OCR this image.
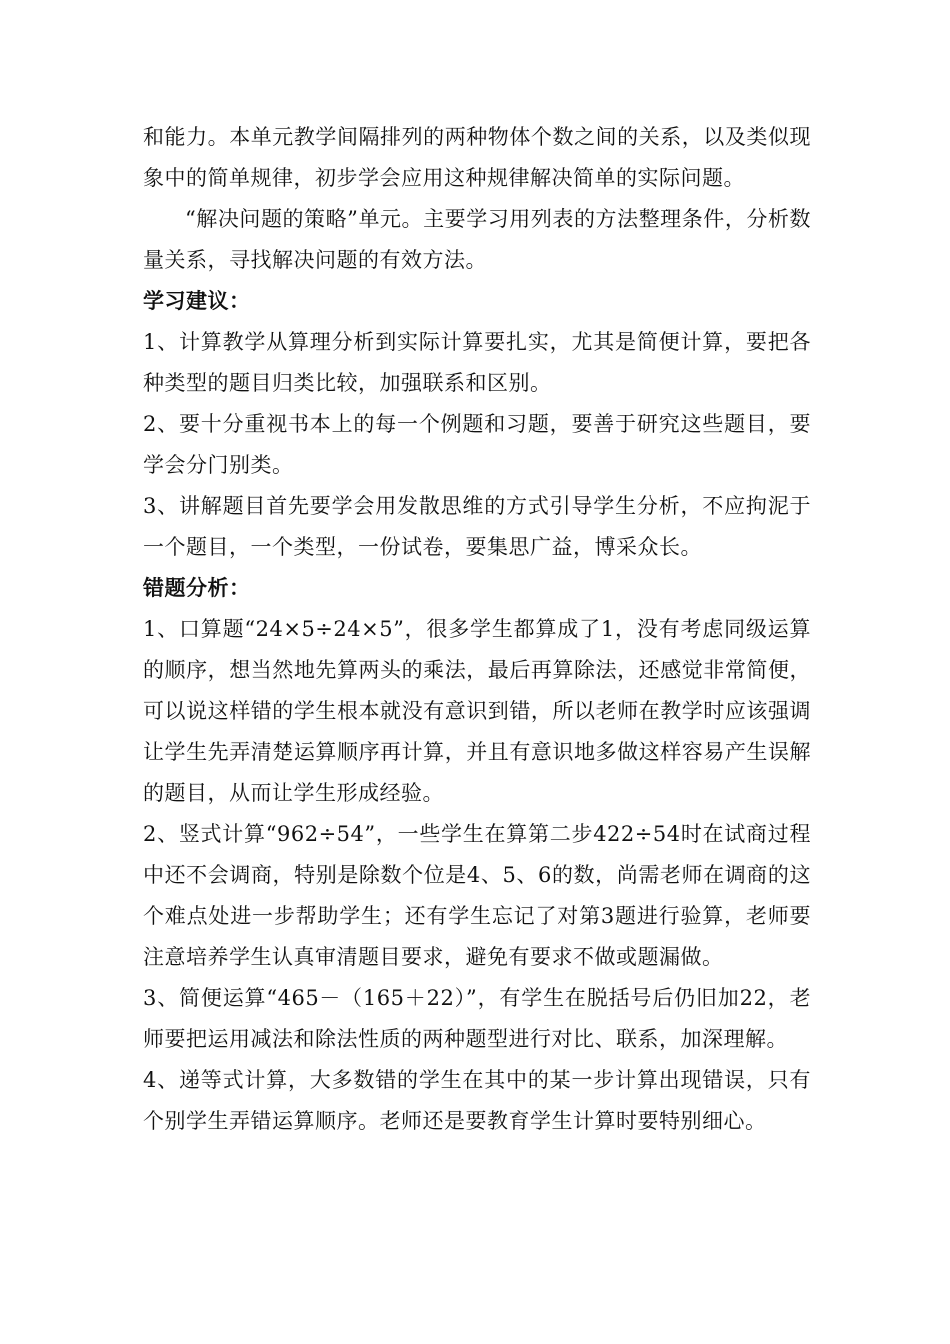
和能力。本单元教学间隔排列的两种物体个数之间的关系，以及类似现象中的简单规律，初步学会应用这种规律解决简单的实际问题。

“解决问题的策略”单元。主要学习用列表的方法整理条件，分析数量关系，寻找解决问题的有效方法。

学习建议：

1、计算教学从算理分析到实际计算要扎实，尤其是简便计算，要把各种类型的题目归类比较，加强联系和区别。

2、要十分重视书本上的每一个例题和习题，要善于研究这些题目，要学会分门别类。

3、讲解题目首先要学会用发散思维的方式引导学生分析，不应拘泥于一个题目，一个类型，一份试卷，要集思广益，博采众长。

错题分析：

1、口算题“24×5÷24×5”，很多学生都算成了1，没有考虑同级运算的顺序，想当然地先算两头的乘法，最后再算除法，还感觉非常简便，可以说这样错的学生根本就没有意识到错，所以老师在教学时应该强调让学生先弄清楚运算顺序再计算，并且有意识地多做这样容易产生误解的题目，从而让学生形成经验。

2、竖式计算“962÷54”，一些学生在算第二步422÷54时在试商过程中还不会调商，特别是除数个位是4、5、6的数，尚需老师在调商的这个难点处进一步帮助学生；还有学生忘记了对第3题进行验算，老师要注意培养学生认真审清题目要求，避免有要求不做或题漏做。

3、简便运算“465－（165＋22）”，有学生在脱括号后仍旧加22，老师要把运用减法和除法性质的两种题型进行对比、联系，加深理解。

4、递等式计算，大多数错的学生在其中的某一步计算出现错误，只有个别学生弄错运算顺序。老师还是要教育学生计算时要特别细心。
